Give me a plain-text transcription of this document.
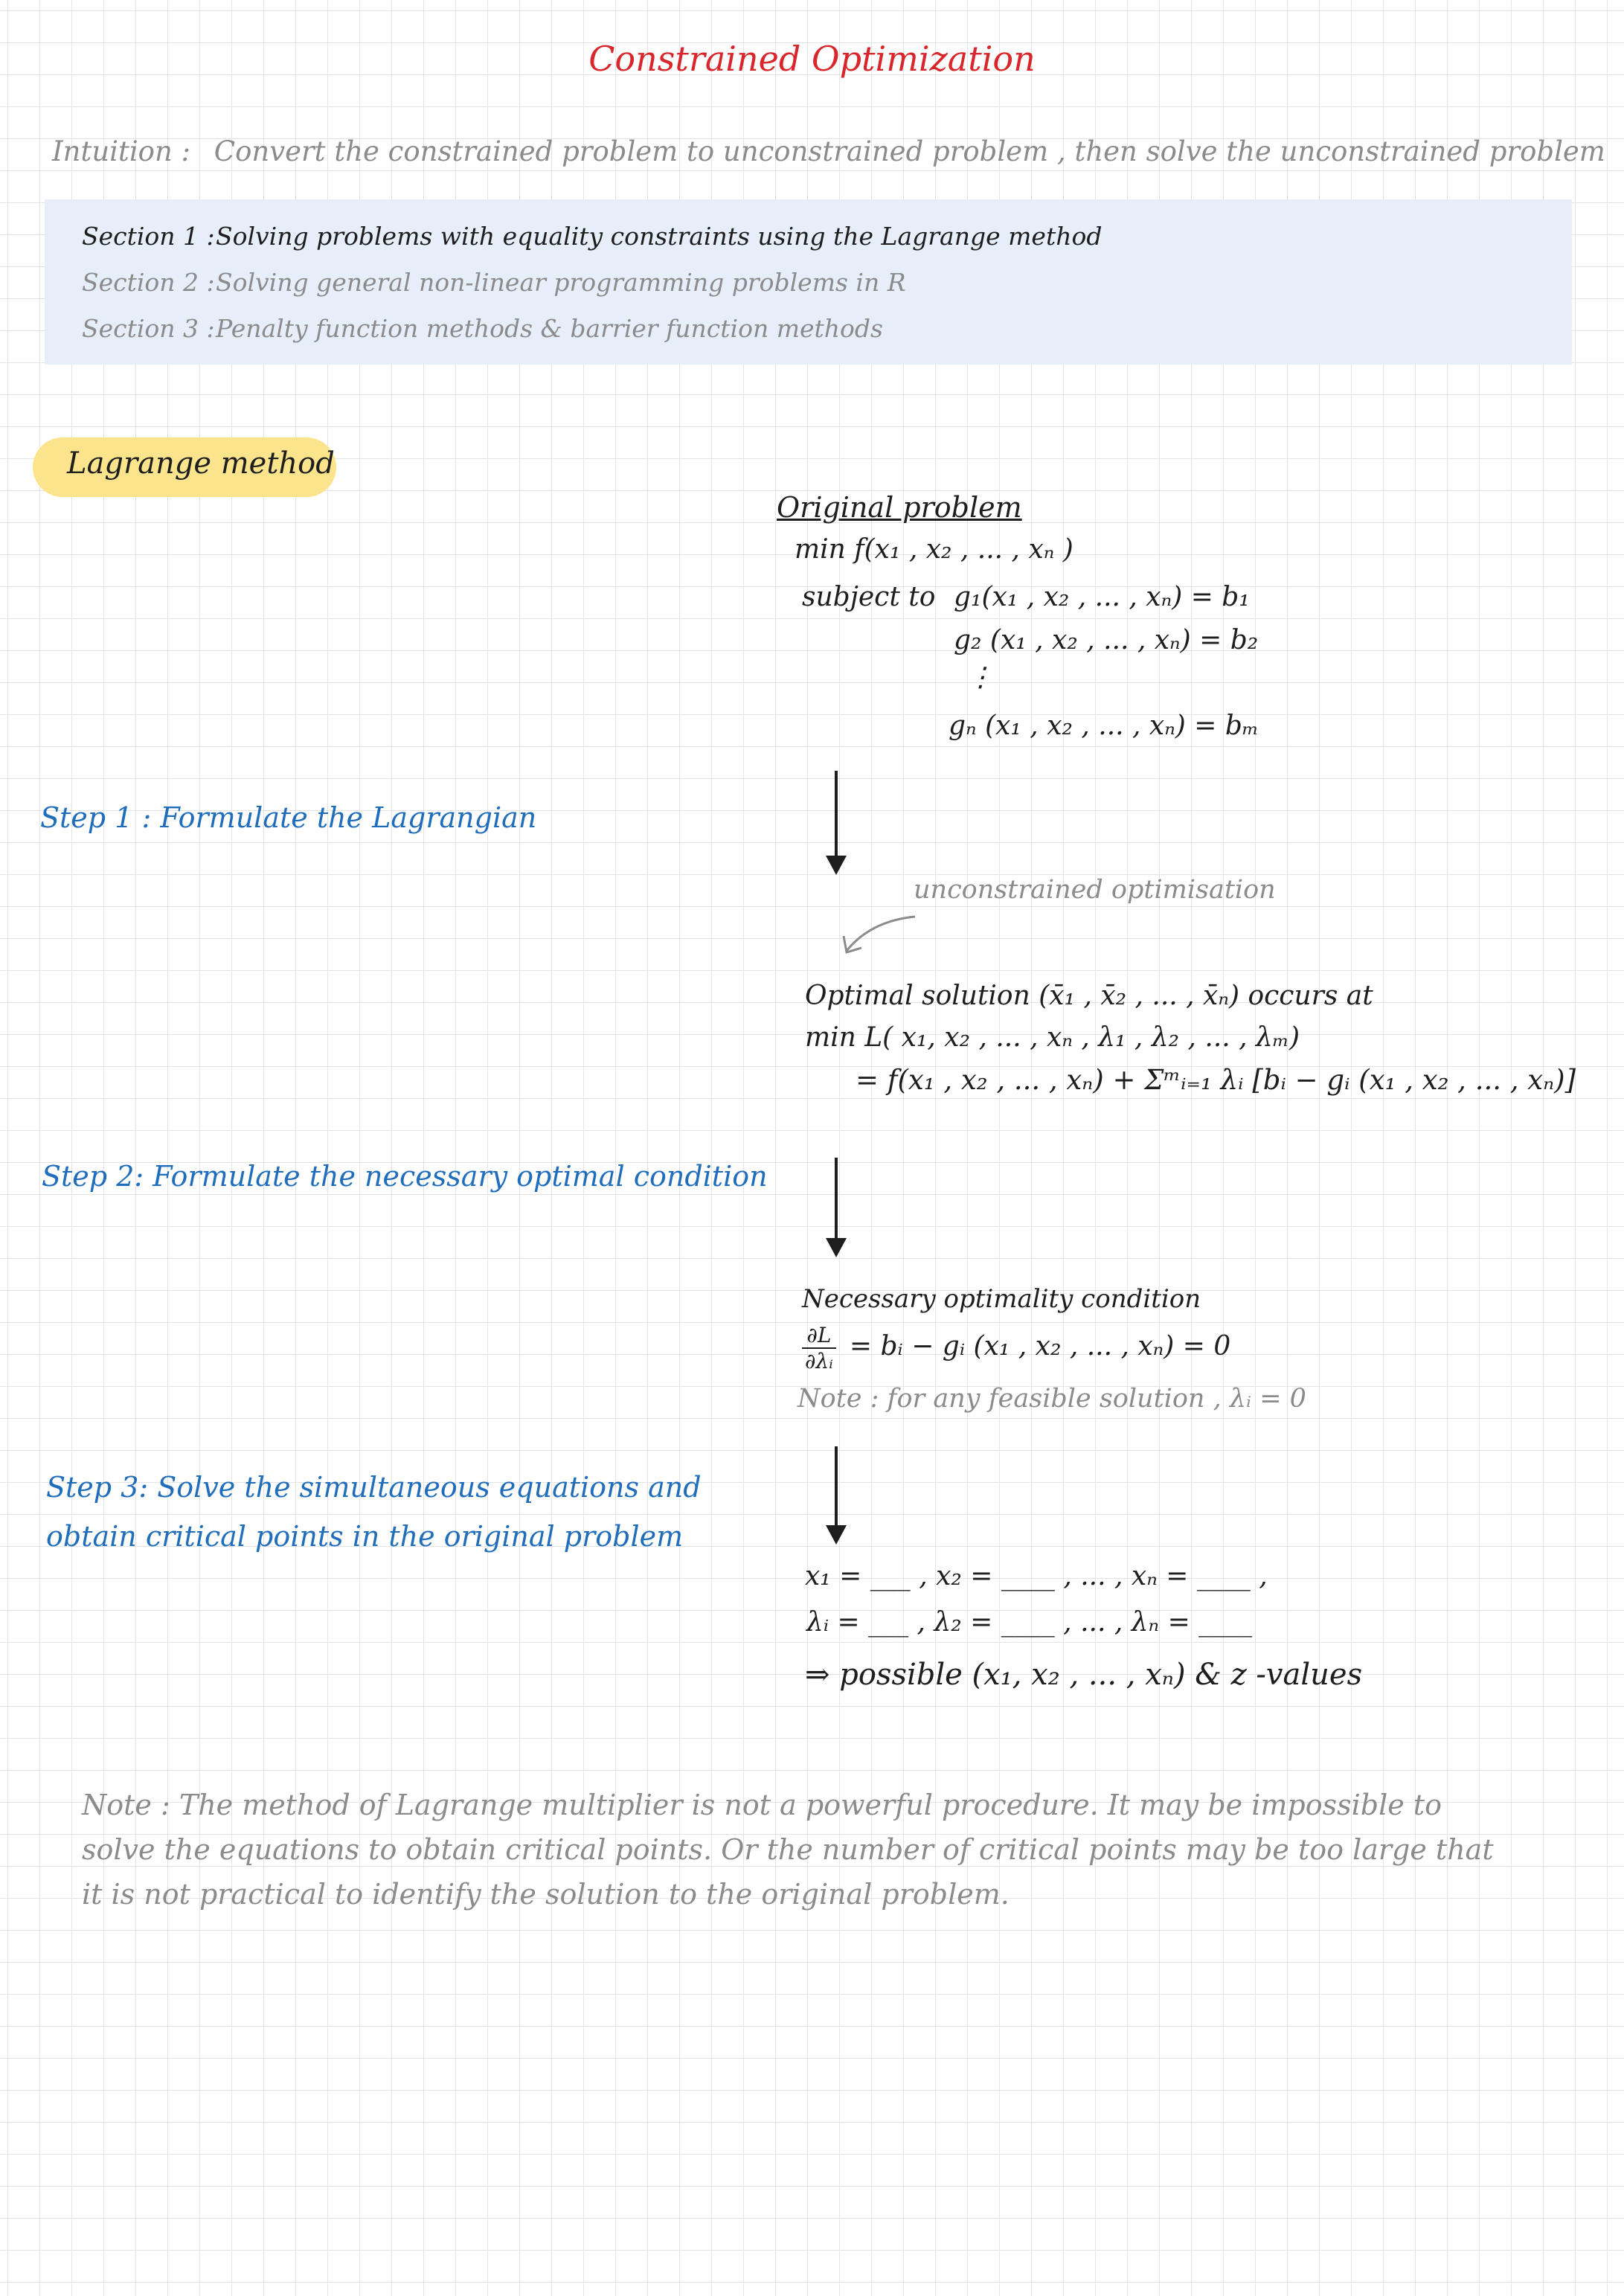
Constrained Optimization
Intuition : Convert the constrained problem to unconstrained problem , then solve the unconstrained problem
Section 1 :Solving problems with equality constraints using the Lagrange method
Section 2 :Solving general non-linear programming problems in R
Section 3 :Penalty function methods & barrier function methods
Lagrange method
Step 1 : Formulate the Lagrangian
Step 2: Formulate the necessary optimal condition
Step 3: Solve the simultaneous equations and
obtain critical points in the original problem
Original problem
min f(x₁ , x₂ , ... , xₙ )
subject to g₁(x₁ , x₂ , ... , xₙ) = b₁
g₂ (x₁ , x₂ , ... , xₙ) = b₂
⋮
gₙ (x₁ , x₂ , ... , xₙ) = bₘ
unconstrained optimisation
Optimal solution (x̄₁ , x̄₂ , ... , x̄ₙ) occurs at
min L( x₁, x₂ , ... , xₙ , λ₁ , λ₂ , ... , λₘ)
= f(x₁ , x₂ , ... , xₙ) + Σᵐᵢ₌₁ λᵢ [bᵢ − gᵢ (x₁ , x₂ , ... , xₙ)]
Necessary optimality condition
$\frac{\partial L}{\text{∂λᵢ}}$ = bᵢ − gᵢ (x₁ , x₂ , ... , xₙ) = 0
Note : for any feasible solution , λᵢ = 0
x₁ = ___ , x₂ = ____ , ... , xₙ = ____ ,
λᵢ = ___ , λ₂ = ____ , ... , λₙ = ____
⇒ possible (x₁, x₂ , ... , xₙ) & z -values
Note : The method of Lagrange multiplier is not a powerful procedure. It may be impossible to solve the equations to obtain critical points. Or the number of critical points may be too large that it is not practical to identify the solution to the original problem.
